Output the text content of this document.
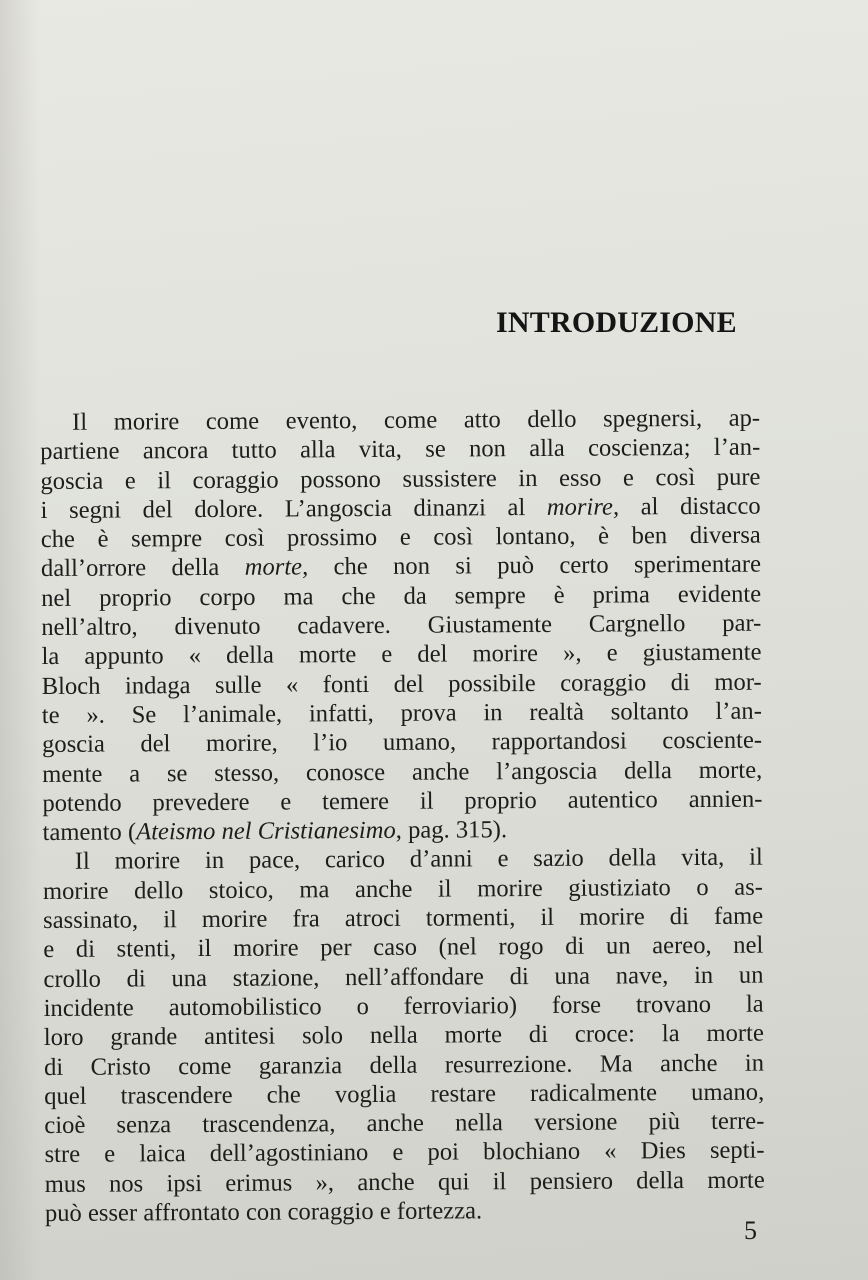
INTRODUZIONE
Il morire come evento, come atto dello spegnersi, ap-
partiene ancora tutto alla vita, se non alla coscienza; l’an-
goscia e il coraggio possono sussistere in esso e così pure
i segni del dolore. L’angoscia dinanzi al morire, al distacco
che è sempre così prossimo e così lontano, è ben diversa
dall’orrore della morte, che non si può certo sperimentare
nel proprio corpo ma che da sempre è prima evidente
nell’altro, divenuto cadavere. Giustamente Cargnello par-
la appunto « della morte e del morire », e giustamente
Bloch indaga sulle « fonti del possibile coraggio di mor-
te ». Se l’animale, infatti, prova in realtà soltanto l’an-
goscia del morire, l’io umano, rapportandosi cosciente-
mente a se stesso, conosce anche l’angoscia della morte,
potendo prevedere e temere il proprio autentico annien-
tamento (Ateismo nel Cristianesimo, pag. 315).
Il morire in pace, carico d’anni e sazio della vita, il
morire dello stoico, ma anche il morire giustiziato o as-
sassinato, il morire fra atroci tormenti, il morire di fame
e di stenti, il morire per caso (nel rogo di un aereo, nel
crollo di una stazione, nell’affondare di una nave, in un
incidente automobilistico o ferroviario) forse trovano la
loro grande antitesi solo nella morte di croce: la morte
di Cristo come garanzia della resurrezione. Ma anche in
quel trascendere che voglia restare radicalmente umano,
cioè senza trascendenza, anche nella versione più terre-
stre e laica dell’agostiniano e poi blochiano « Dies septi-
mus nos ipsi erimus », anche qui il pensiero della morte
può esser affrontato con coraggio e fortezza.
5
